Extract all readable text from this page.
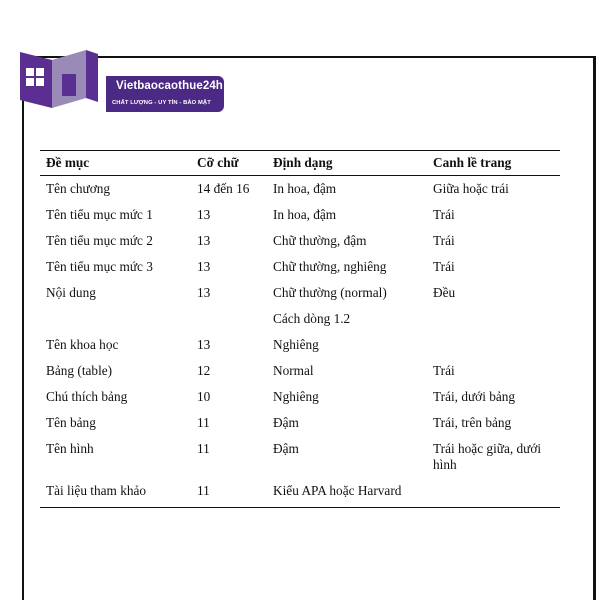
Vietbaocaothue24h
CHẤT LƯỢNG - UY TÍN - BẢO MẬT
Đề mục	Cỡ chữ	Định dạng	Canh lề trang
Tên chương	14 đến 16	In hoa, đậm	Giữa hoặc trái
Tên tiểu mục mức 1	13	In hoa, đậm	Trái
Tên tiểu mục mức 2	13	Chữ thường, đậm	Trái
Tên tiểu mục mức 3	13	Chữ thường, nghiêng	Trái
Nội dung	13	Chữ thường (normal)	Đều
		Cách dòng 1.2	
Tên khoa học	13	Nghiêng	
Bảng (table)	12	Normal	Trái
Chú thích bảng	10	Nghiêng	Trái, dưới bảng
Tên bảng	11	Đậm	Trái, trên bảng
Tên hình	11	Đậm	Trái hoặc giữa, dưới hình
Tài liệu tham khảo	11	Kiểu APA hoặc Harvard	
